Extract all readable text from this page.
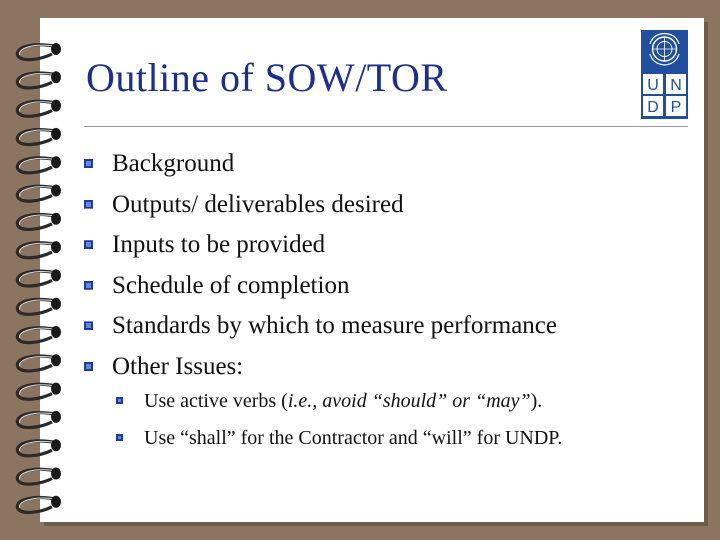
Outline of SOW/TOR	U N
D P
Background
Outputs/ deliverables desired
Inputs to be provided
Schedule of completion
Standards by which to measure performance
Other Issues:
Use active verbs (i.e., avoid “should” or “may”).
Use “shall” for the Contractor and “will” for UNDP.
